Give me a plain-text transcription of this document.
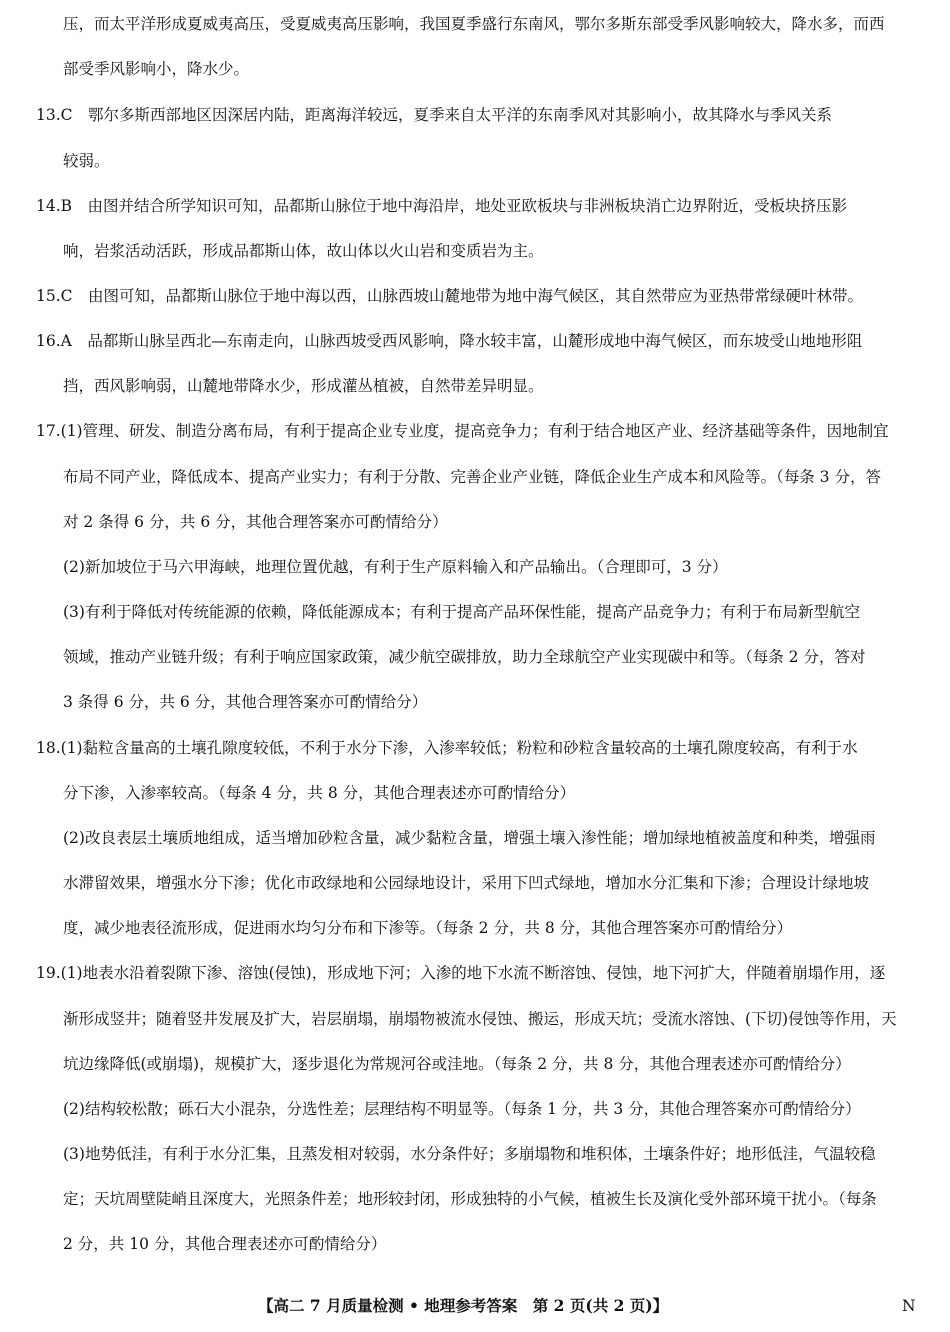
压，而太平洋形成夏威夷高压，受夏威夷高压影响，我国夏季盛行东南风，鄂尔多斯东部受季风影响较大，降水多，而西
部受季风影响小，降水少。
13.C　鄂尔多斯西部地区因深居内陆，距离海洋较远，夏季来自太平洋的东南季风对其影响小，故其降水与季风关系
较弱。
14.B　由图并结合所学知识可知，品都斯山脉位于地中海沿岸，地处亚欧板块与非洲板块消亡边界附近，受板块挤压影
响，岩浆活动活跃，形成品都斯山体，故山体以火山岩和变质岩为主。
15.C　由图可知，品都斯山脉位于地中海以西，山脉西坡山麓地带为地中海气候区，其自然带应为亚热带常绿硬叶林带。
16.A　品都斯山脉呈西北—东南走向，山脉西坡受西风影响，降水较丰富，山麓形成地中海气候区，而东坡受山地地形阻
挡，西风影响弱，山麓地带降水少，形成灌丛植被，自然带差异明显。
17.(1)管理、研发、制造分离布局，有利于提高企业专业度，提高竞争力；有利于结合地区产业、经济基础等条件，因地制宜
布局不同产业，降低成本、提高产业实力；有利于分散、完善企业产业链，降低企业生产成本和风险等。（每条 3 分，答
对 2 条得 6 分，共 6 分，其他合理答案亦可酌情给分）
(2)新加坡位于马六甲海峡，地理位置优越，有利于生产原料输入和产品输出。（合理即可，3 分）
(3)有利于降低对传统能源的依赖，降低能源成本；有利于提高产品环保性能，提高产品竞争力；有利于布局新型航空
领域，推动产业链升级；有利于响应国家政策，减少航空碳排放，助力全球航空产业实现碳中和等。（每条 2 分，答对
3 条得 6 分，共 6 分，其他合理答案亦可酌情给分）
18.(1)黏粒含量高的土壤孔隙度较低，不利于水分下渗，入渗率较低；粉粒和砂粒含量较高的土壤孔隙度较高，有利于水
分下渗，入渗率较高。（每条 4 分，共 8 分，其他合理表述亦可酌情给分）
(2)改良表层土壤质地组成，适当增加砂粒含量，减少黏粒含量，增强土壤入渗性能；增加绿地植被盖度和种类，增强雨
水滞留效果，增强水分下渗；优化市政绿地和公园绿地设计，采用下凹式绿地，增加水分汇集和下渗；合理设计绿地坡
度，减少地表径流形成，促进雨水均匀分布和下渗等。（每条 2 分，共 8 分，其他合理答案亦可酌情给分）
19.(1)地表水沿着裂隙下渗、溶蚀(侵蚀)，形成地下河；入渗的地下水流不断溶蚀、侵蚀，地下河扩大，伴随着崩塌作用，逐
渐形成竖井；随着竖井发展及扩大，岩层崩塌，崩塌物被流水侵蚀、搬运，形成天坑；受流水溶蚀、(下切)侵蚀等作用，天
坑边缘降低(或崩塌)，规模扩大，逐步退化为常规河谷或洼地。（每条 2 分，共 8 分，其他合理表述亦可酌情给分）
(2)结构较松散；砾石大小混杂，分选性差；层理结构不明显等。（每条 1 分，共 3 分，其他合理答案亦可酌情给分）
(3)地势低洼，有利于水分汇集，且蒸发相对较弱，水分条件好；多崩塌物和堆积体，土壤条件好；地形低洼，气温较稳
定；天坑周壁陡峭且深度大，光照条件差；地形较封闭，形成独特的小气候，植被生长及演化受外部环境干扰小。（每条
2 分，共 10 分，其他合理表述亦可酌情给分）
【高二 7 月质量检测 • 地理参考答案　第 2 页(共 2 页)】	N
